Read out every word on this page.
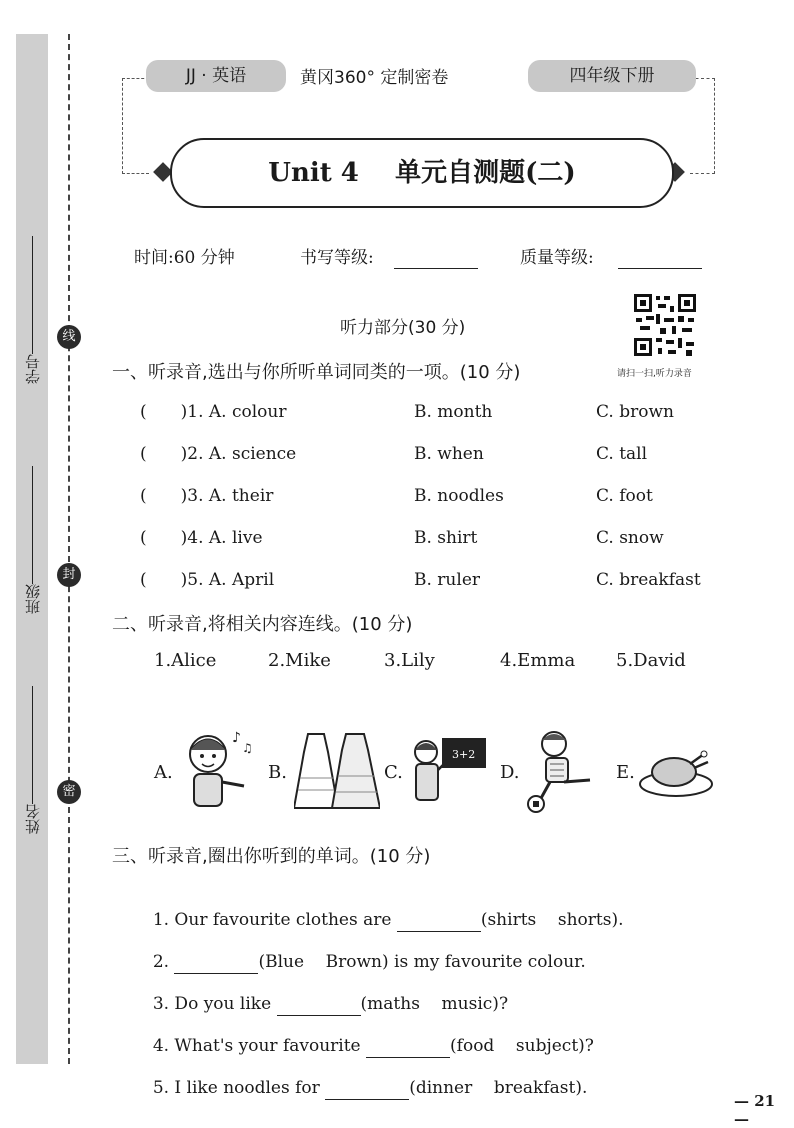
线
封
密
学号
班级
姓名
JJ · 英语	黄冈360° 定制密卷	四年级下册
Unit 4    单元自测题(二)
时间:60 分钟	书写等级:	质量等级:
听力部分(30 分)
请扫一扫,听力录音
一、听录音,选出与你所听单词同类的一项。(10 分)
(　　)1. A. colour	B. month	C. brown
(　　)2. A. science	B. when	C. tall
(　　)3. A. their	B. noodles	C. foot
(　　)4. A. live	B. shirt	C. snow
(　　)5. A. April	B. ruler	C. breakfast
二、听录音,将相关内容连线。(10 分)
1.Alice	2.Mike	3.Lily	4.Emma 5.David
A.
♪
♫
B.	C.
3+2
D.	E.
三、听录音,圈出你听到的单词。(10 分)

1. Our favourite clothes are	(shirts    shorts).

2.	(Blue    Brown) is my favourite colour.

3. Do you like	(maths    music)?

4. What's your favourite	(food    subject)?

5. I like noodles for	(dinner    breakfast).

— 21 —
